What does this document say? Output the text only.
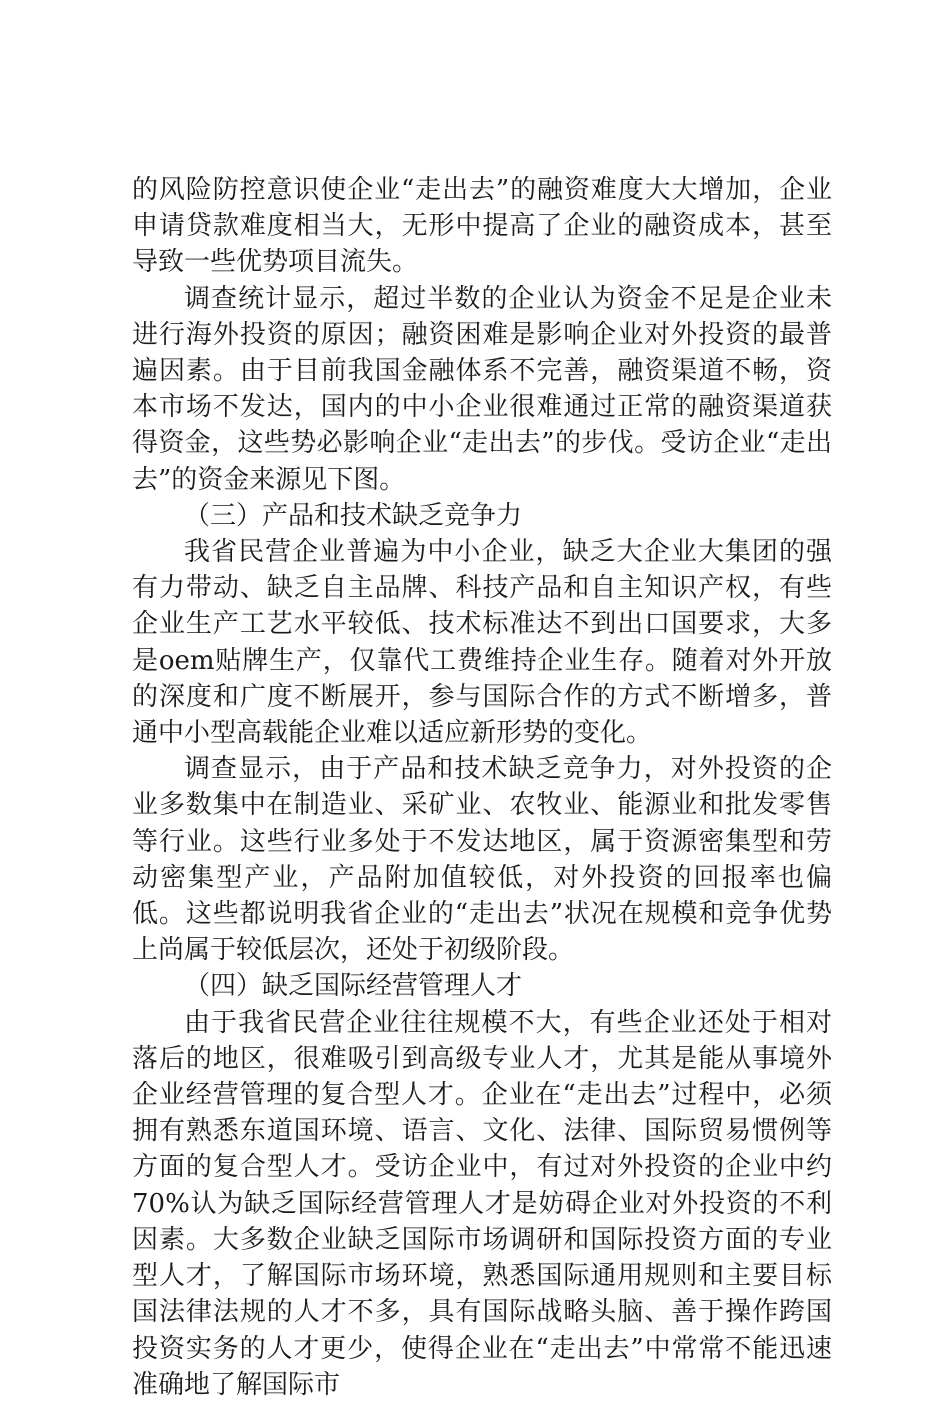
的风险防控意识使企业“走出去”的融资难度大大增加，企业申请贷款难度相当大，无形中提高了企业的融资成本，甚至导致一些优势项目流失。

调查统计显示，超过半数的企业认为资金不足是企业未进行海外投资的原因；融资困难是影响企业对外投资的最普遍因素。由于目前我国金融体系不完善，融资渠道不畅，资本市场不发达，国内的中小企业很难通过正常的融资渠道获得资金，这些势必影响企业“走出去”的步伐。受访企业“走出去”的资金来源见下图。

（三）产品和技术缺乏竞争力

我省民营企业普遍为中小企业，缺乏大企业大集团的强有力带动、缺乏自主品牌、科技产品和自主知识产权，有些企业生产工艺水平较低、技术标准达不到出口国要求，大多是oem贴牌生产，仅靠代工费维持企业生存。随着对外开放的深度和广度不断展开，参与国际合作的方式不断增多，普通中小型高载能企业难以适应新形势的变化。

调查显示，由于产品和技术缺乏竞争力，对外投资的企业多数集中在制造业、采矿业、农牧业、能源业和批发零售等行业。这些行业多处于不发达地区，属于资源密集型和劳动密集型产业，产品附加值较低，对外投资的回报率也偏低。这些都说明我省企业的“走出去”状况在规模和竞争优势上尚属于较低层次，还处于初级阶段。

（四）缺乏国际经营管理人才

由于我省民营企业往往规模不大，有些企业还处于相对落后的地区，很难吸引到高级专业人才，尤其是能从事境外企业经营管理的复合型人才。企业在“走出去”过程中，必须拥有熟悉东道国环境、语言、文化、法律、国际贸易惯例等方面的复合型人才。受访企业中，有过对外投资的企业中约70%认为缺乏国际经营管理人才是妨碍企业对外投资的不利因素。大多数企业缺乏国际市场调研和国际投资方面的专业型人才，了解国际市场环境，熟悉国际通用规则和主要目标国法律法规的人才不多，具有国际战略头脑、善于操作跨国投资实务的人才更少，使得企业在“走出去”中常常不能迅速准确地了解国际市
